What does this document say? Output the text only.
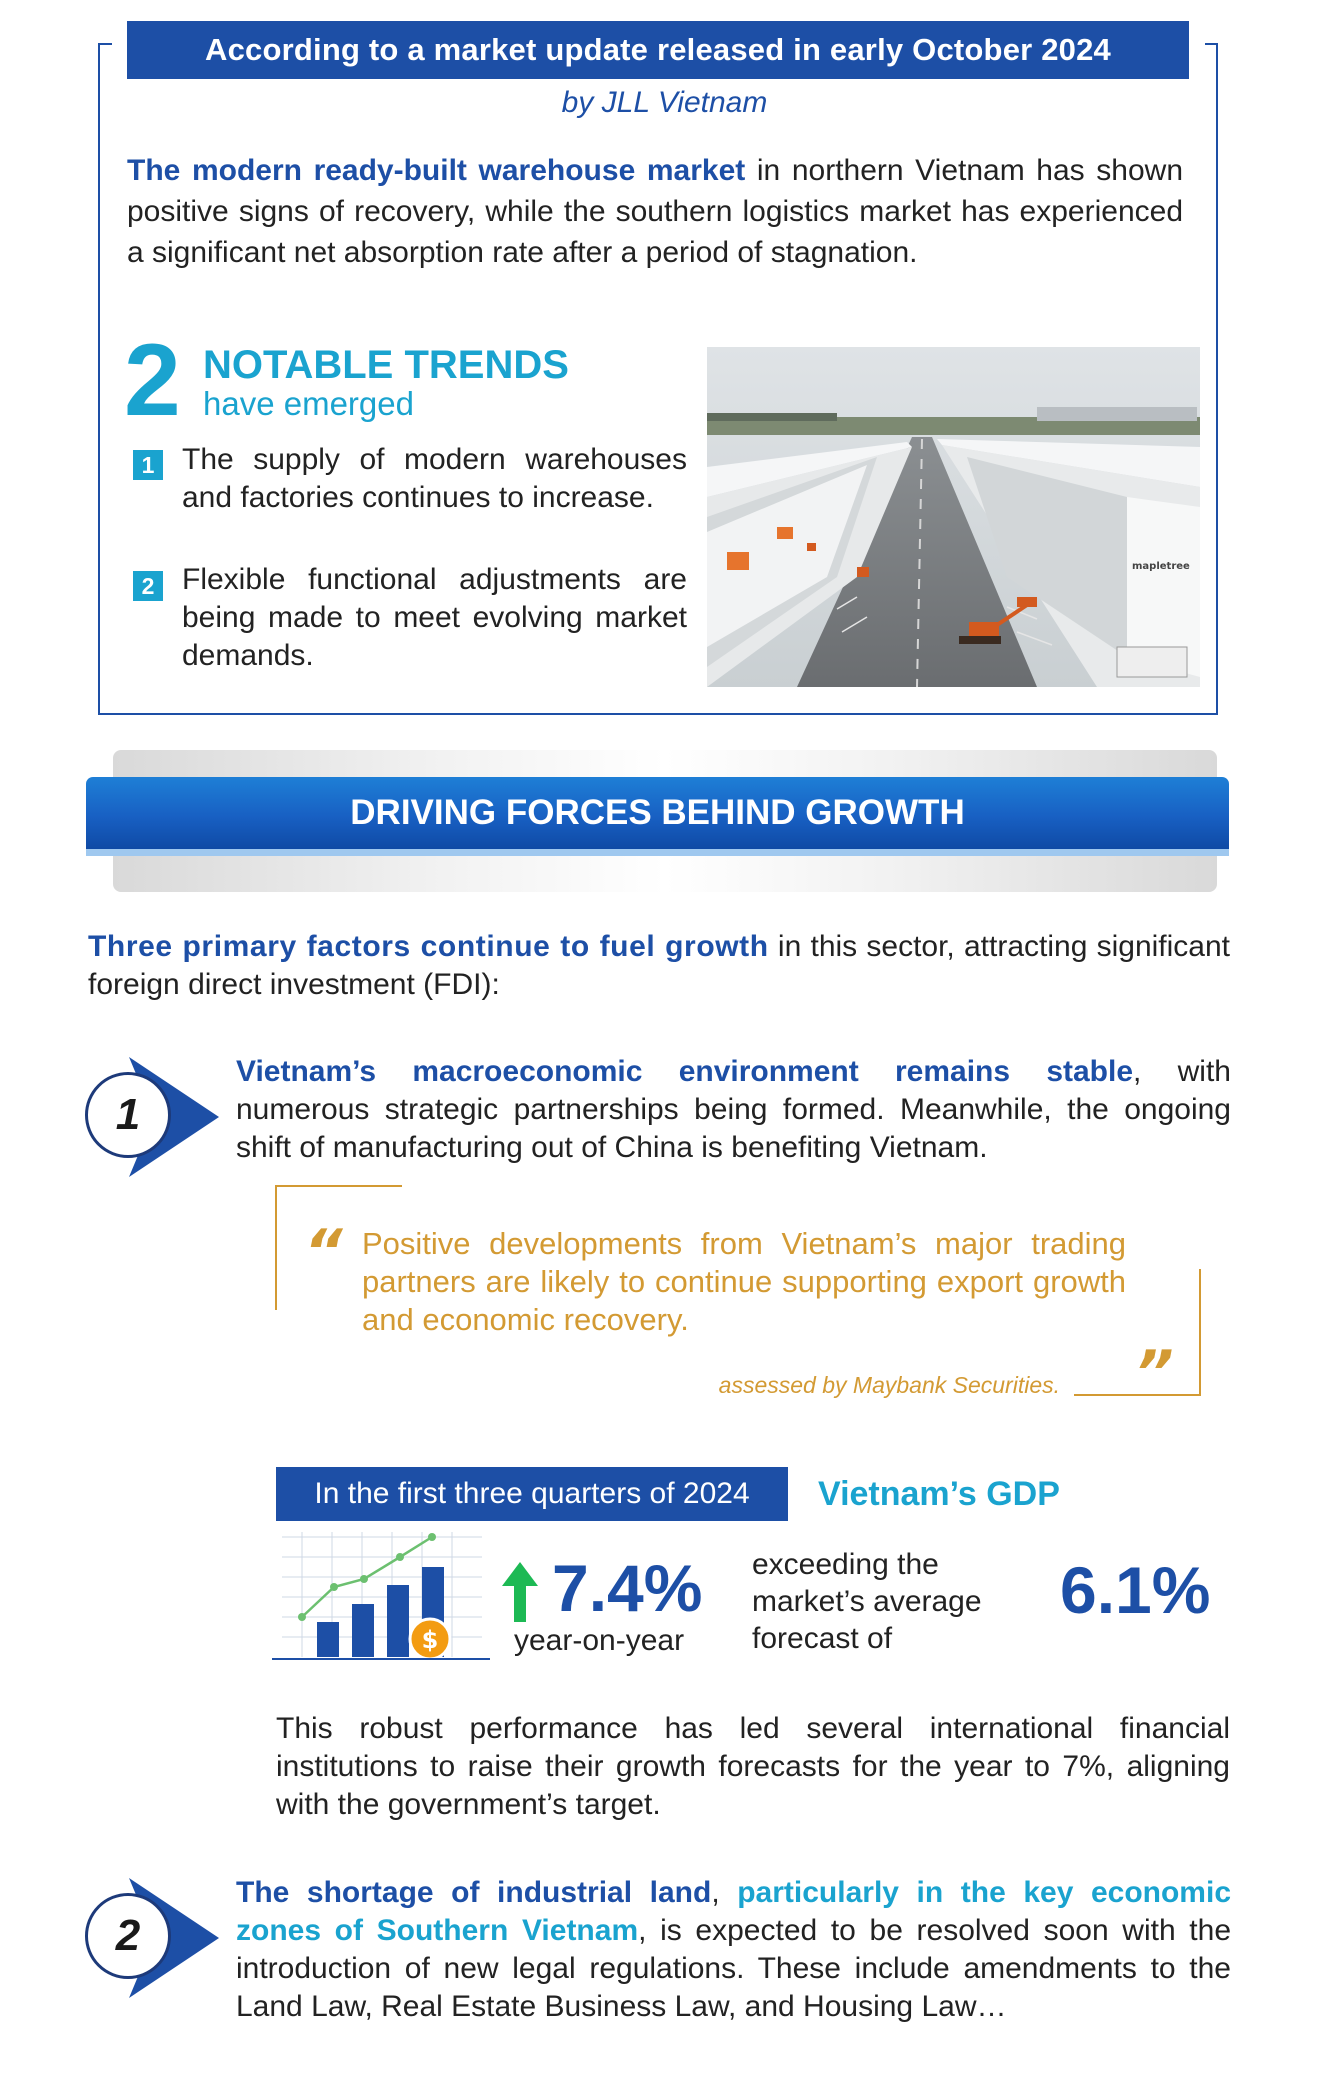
According to a market update released in early October 2024
by JLL Vietnam

The modern ready-built warehouse market in northern Vietnam has shown positive signs of recovery, while the southern logistics market has experienced a significant net absorption rate after a period of stagnation.

2 NOTABLE TRENDS
have emerged
1 The supply of modern warehouses and factories continues to increase.

2 Flexible functional adjustments are being made to meet evolving market demands.

mapletree
DRIVING FORCES BEHIND GROWTH

Three primary factors continue to fuel growth in this sector, attracting significant foreign direct investment (FDI):

1

Vietnam’s macroeconomic environment remains stable, with numerous strategic partnerships being formed. Meanwhile, the ongoing shift of manufacturing out of China is benefiting Vietnam.

“
”

Positive developments from Vietnam’s major trading partners are likely to continue supporting export growth and economic recovery.

assessed by Maybank Securities.
In the first three quarters of 2024	Vietnam’s GDP
$
7.4%
year-on-year

exceeding the market’s average forecast of

6.1%

This robust performance has led several international financial institutions to raise their growth forecasts for the year to 7%, aligning with the government’s target.

2

The shortage of industrial land, particularly in the key economic zones of Southern Vietnam, is expected to be resolved soon with the introduction of new legal regulations. These include amendments to the Land Law, Real Estate Business Law, and Housing Law…
